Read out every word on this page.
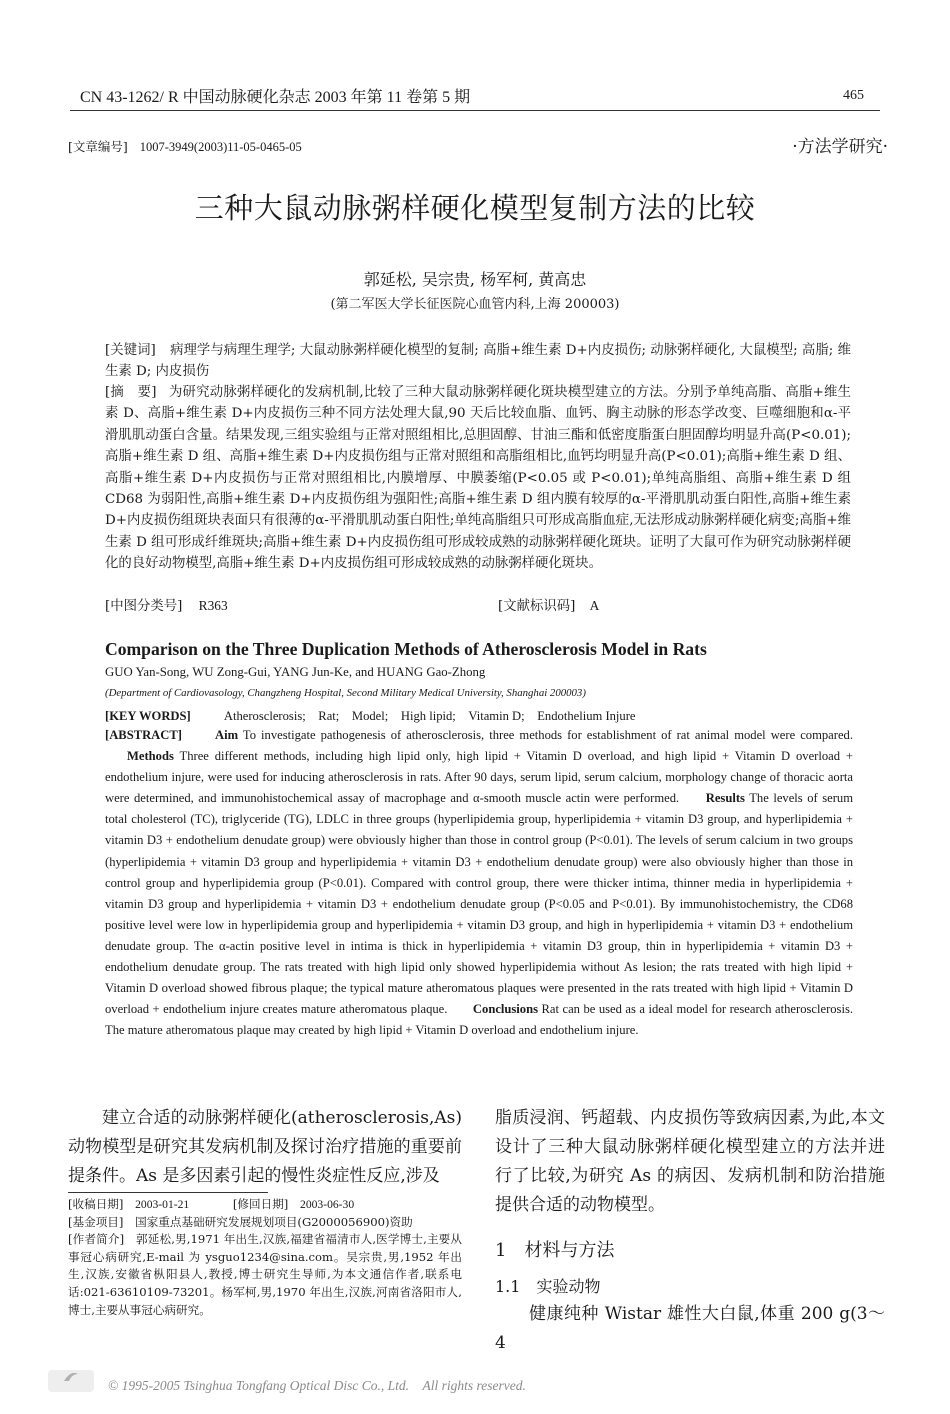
CN 43-1262/ R 中国动脉硬化杂志 2003 年第 11 卷第 5 期	465
[文章编号] 1007-3949(2003)11-05-0465-05	·方法学研究·
三种大鼠动脉粥样硬化模型复制方法的比较
郭延松, 吴宗贵, 杨军柯, 黄高忠
(第二军医大学长征医院心血管内科,上海 200003)
[关键词] 病理学与病理生理学; 大鼠动脉粥样硬化模型的复制; 高脂+维生素 D+内皮损伤; 动脉粥样硬化, 大鼠模型; 高脂; 维生素 D; 内皮损伤
[摘　要] 为研究动脉粥样硬化的发病机制,比较了三种大鼠动脉粥样硬化斑块模型建立的方法。分别予单纯高脂、高脂+维生素 D、高脂+维生素 D+内皮损伤三种不同方法处理大鼠,90 天后比较血脂、血钙、胸主动脉的形态学改变、巨噬细胞和α-平滑肌肌动蛋白含量。结果发现,三组实验组与正常对照组相比,总胆固醇、甘油三酯和低密度脂蛋白胆固醇均明显升高(P<0.01);高脂+维生素 D 组、高脂+维生素 D+内皮损伤组与正常对照组和高脂组相比,血钙均明显升高(P<0.01);高脂+维生素 D 组、高脂+维生素 D+内皮损伤与正常对照组相比,内膜增厚、中膜萎缩(P<0.05 或 P<0.01);单纯高脂组、高脂+维生素 D 组 CD68 为弱阳性,高脂+维生素 D+内皮损伤组为强阳性;高脂+维生素 D 组内膜有较厚的α-平滑肌肌动蛋白阳性,高脂+维生素 D+内皮损伤组斑块表面只有很薄的α-平滑肌肌动蛋白阳性;单纯高脂组只可形成高脂血症,无法形成动脉粥样硬化病变;高脂+维生素 D 组可形成纤维斑块;高脂+维生素 D+内皮损伤组可形成较成熟的动脉粥样硬化斑块。证明了大鼠可作为研究动脉粥样硬化的良好动物模型,高脂+维生素 D+内皮损伤组可形成较成熟的动脉粥样硬化斑块。
[中图分类号] R363	[文献标识码] A
Comparison on the Three Duplication Methods of Atherosclerosis Model in Rats
GUO Yan-Song, WU Zong-Gui, YANG Jun-Ke, and HUANG Gao-Zhong
(Department of Cardiovasology, Changzheng Hospital, Second Military Medical University, Shanghai 200003)
[KEY WORDS]	Atherosclerosis;　Rat;　Model;　High lipid;　Vitamin D;　Endothelium Injure
[ABSTRACT]	Aim To investigate pathogenesis of atherosclerosis, three methods for establishment of rat animal model were compared. Methods Three different methods, including high lipid only, high lipid + Vitamin D overload, and high lipid + Vitamin D overload + endothelium injure, were used for inducing atherosclerosis in rats. After 90 days, serum lipid, serum calcium, morphology change of thoracic aorta were determined, and immunohistochemical assay of macrophage and α-smooth muscle actin were performed. Results The levels of serum total cholesterol (TC), triglyceride (TG), LDLC in three groups (hyperlipidemia group, hyperlipidemia + vitamin D3 group, and hyperlipidemia + vitamin D3 + endothelium denudate group) were obviously higher than those in control group (P<0.01). The levels of serum calcium in two groups (hyperlipidemia + vitamin D3 group and hyperlipidemia + vitamin D3 + endothelium denudate group) were also obviously higher than those in control group and hyperlipidemia group (P<0.01). Compared with control group, there were thicker intima, thinner media in hyperlipidemia + vitamin D3 group and hyperlipidemia + vitamin D3 + endothelium denudate group (P<0.05 and P<0.01). By immunohistochemistry, the CD68 positive level were low in hyperlipidemia group and hyperlipidemia + vitamin D3 group, and high in hyperlipidemia + vitamin D3 + endothelium denudate group. The α-actin positive level in intima is thick in hyperlipidemia + vitamin D3 group, thin in hyperlipidemia + vitamin D3 + endothelium denudate group. The rats treated with high lipid only showed hyperlipidemia without As lesion; the rats treated with high lipid + Vitamin D overload showed fibrous plaque; the typical mature atheromatous plaques were presented in the rats treated with high lipid + Vitamin D overload + endothelium injure creates mature atheromatous plaque. Conclusions Rat can be used as a ideal model for research atherosclerosis. The mature atheromatous plaque may created by high lipid + Vitamin D overload and endothelium injure.
建立合适的动脉粥样硬化(atherosclerosis,As)动物模型是研究其发病机制及探讨治疗措施的重要前提条件。As 是多因素引起的慢性炎症性反应,涉及
[收稿日期] 2003-01-21	[修回日期] 2003-06-30
[基金项目] 国家重点基础研究发展规划项目(G2000056900)资助
[作者简介] 郭延松,男,1971 年出生,汉族,福建省福清市人,医学博士,主要从事冠心病研究,E-mail 为 ysguo1234@sina.com。吴宗贵,男,1952 年出生,汉族,安徽省枞阳县人,教授,博士研究生导师,为本文通信作者,联系电话:021-63610109-73201。杨军柯,男,1970 年出生,汉族,河南省洛阳市人,博士,主要从事冠心病研究。
脂质浸润、钙超载、内皮损伤等致病因素,为此,本文设计了三种大鼠动脉粥样硬化模型建立的方法并进行了比较,为研究 As 的病因、发病机制和防治措施提供合适的动物模型。
1　材料与方法
1.1　实验动物
健康纯种 Wistar 雄性大白鼠,体重 200 g(3～4
© 1995-2005 Tsinghua Tongfang Optical Disc Co., Ltd.　All rights reserved.
